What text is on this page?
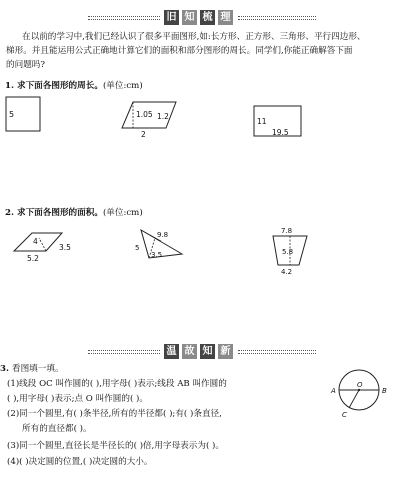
旧 知 梳 理
在以前的学习中,我们已经认识了很多平面图形,如:长方形、正方形、三角形、平行四边形、
梯形。并且能运用公式正确地计算它们的面积和部分图形的周长。同学们,你能正确解答下面
的问题吗?
1. 求下面各图形的周长。(单位:cm)
5	1.05 1.2
2
11
19.5
2. 求下面各图形的面积。(单位:cm)
4
3.5
5.2
9.8
5
3.5
7.8
5.8
4.2
温 故 知 新
3. 看图填一填。
(1)线段 OC 叫作圆的( ),用字母( )表示;线段 AB 叫作圆的
( ),用字母( )表示;点 O 叫作圆的( )。
(2)同一个圆里,有( )条半径,所有的半径都( );有( )条直径,
所有的直径都( )。
(3)同一个圆里,直径长是半径长的( )倍,用字母表示为( )。
(4)( )决定圆的位置,( )决定圆的大小。
A
O
B
C
